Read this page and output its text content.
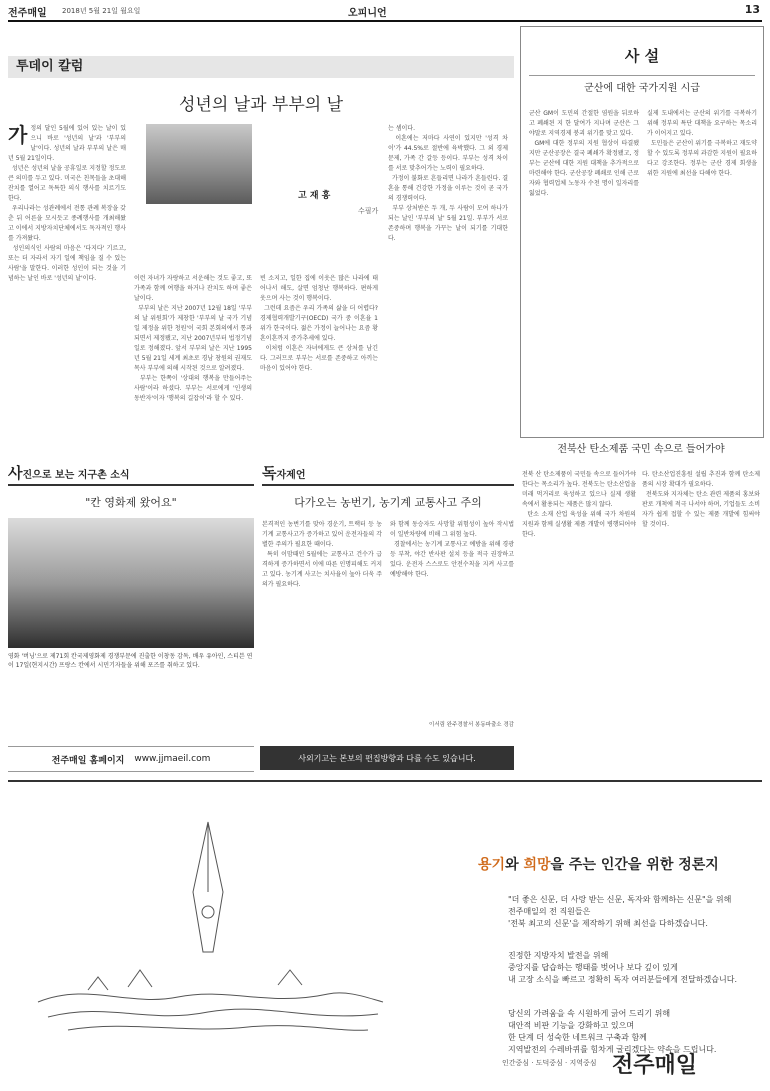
전주매일 2018년 5월 21일 월요일	오피니언	13
투데이 칼럼
성년의 날과 부부의 날
가 정의 달인 5월에 있어 있는 날이 있으니 바로 '성년의 날'과 '부부의 날'이다. 성년의 날과 부부의 날은 매년 5월 21일이다.
성년은 성년의 날을 공휴일로 지정할 정도로 큰 의미를 두고 있다. 미국은 친목들을 초대해 잔치를 열어고 독특한 의식 행사를 치르기도 한다.
우리나라는 성관례에서 전통 관례 복장을 갖춘 뒤 어른을 모시듯고 종례행사를 개최해왔고 이에서 지방자치단체에서도 독자적인 행사를 가져왔다.
성인의식인 사람의 마음은 '다지다' 기르고, 또는 더 자라서 자기 일에 책임을 질 수 있는 사람'을 말한다. 이러한 성인이 되는 것을 기념하는 날인 바로 '성년의 날'이다.	이런 자녀가 자랑하고 서운해는 것도 좋고, 또 가족과 함께 여행을 하거나 잔치도 하며 좋은 날이다.
부부의 날은 지난 2007년 12월 18일 '부부의 날 위원회'가 제창한 '부부의 날 국가 기념일 제정을 위한 청원'이 국회 본회의에서 통과되면서 제정됐고, 지난 2007년부터 법정기념일로 정해졌다. 앞서 부부의 날은 지난 1995년 5월 21일 세계 최초로 경남 창원의 권재도 목사 부부에 의해 시작된 것으로 알려졌다.
부부는 한쪽이 '상대의 행복을 만들어주는 사람'이라 하셨다. 부부는 서로에게 '인생의 동반자'이자 '행복의 길잡이'라 할 수 있다.
고 재 홍
수필가
빈 소지고, 일한 집에 이웃은 많은 나라에 태어나서 해도, 살면 엄청난 행복하다. 편하게 웃으며 사는 것이 행복이다.
그런데 요즘은 우리 가족의 삶을 더 어렵다? 경제협력개발기구(OECD) 국가 중 이혼율 1위가 한국이다. 젊은 가정이 늘어나는 요즘 황혼이혼까지 증가추세에 있다.
이처럼 이혼은 자녀에게도 큰 상처를 남긴다. 그러므로 부부는 서로를 존중하고 아끼는 마음이 있어야 한다.
는 셈이다.
이혼에는 저마다 사연이 있지만 '성격 차이'가 44.5%로 절반에 육박했다. 그 외 경제 문제, 가족 간 갈등 등이다. 부부는 성격 차이를 서로 맞추어가는 노력이 필요하다.
가정이 불화로 흔들리면 나라가 흔들린다. 결혼을 통해 건강한 가정을 이루는 것이 곧 국가의 경쟁력이다.
부부 상처받은 두 개, 두 사람이 모여 하나가 되는 날인 '부부의 날' 5월 21일. 부부가 서로 존중하며 행복을 가꾸는 날이 되기를 기대한다.
사 설
군산에 대한 국가지원 시급
군산 GM이 도민의 간절한 염원을 뒤로하고 폐쇄된 지 한 달여가 지나며 군산은 그야말로 지역경제 붕괴 위기를 맞고 있다.
GM에 대한 정부의 지원 협상이 타결됐지만 군산공장은 결국 폐쇄가 확정됐고, 정부는 군산에 대한 지원 대책을 추가적으로 마련해야 한다. 군산공장 폐쇄로 인해 근로자와 협력업체 노동자 수천 명이 일자리를 잃었다.
실제 도내에서는 군산의 위기를 극복하기 위해 정부의 특단 대책을 요구하는 목소리가 이어지고 있다.
도민들은 군산이 위기를 극복하고 재도약할 수 있도록 정부의 과감한 지원이 필요하다고 강조한다. 정부는 군산 경제 회생을 위한 지원에 최선을 다해야 한다.
전북산 탄소제품 국민 속으로 들어가야
전북 산 탄소제품이 국민들 속으로 들어가야 한다는 목소리가 높다. 전북도는 탄소산업을 미래 먹거리로 육성하고 있으나 실제 생활 속에서 활용되는 제품은 많지 않다.
탄소 소재 산업 육성을 위해 국가 차원의 지원과 함께 실생활 제품 개발이 병행되어야 한다.
다. 탄소산업진흥원 설립 추진과 함께 탄소제품의 시장 확대가 필요하다.
전북도와 지자체는 탄소 관련 제품의 홍보와 판로 개척에 적극 나서야 하며, 기업들도 소비자가 쉽게 접할 수 있는 제품 개발에 힘써야 할 것이다.
사진으로 보는 지구촌 소식
"칸 영화제 왔어요"
영화 '버닝'으로 제71회 칸국제영화제 경쟁부문에 진출한 이창동 감독, 배우 유아인, 스티븐 연이 17일(현지시간) 프랑스 칸에서 시민기자들을 위해 포즈를 취하고 있다.
독자제언
다가오는 농번기, 농기계 교통사고 주의
본격적인 농번기를 맞아 경운기, 트랙터 등 농기계 교통사고가 증가하고 있어 운전자들의 각별한 주의가 필요한 때이다.
특히 이맘때인 5월에는 교통사고 건수가 급격하게 증가하면서 이에 따른 인명피해도 커지고 있다. 농기계 사고는 치사율이 높아 더욱 주의가 필요하다.
와 함께 동승자도 사망할 위험성이 높아 작시법이 일반차량에 비해 그 위험 높다.
경찰에서는 농기계 교통사고 예방을 위해 경광등 부착, 야간 반사판 설치 등을 적극 권장하고 있다. 운전자 스스로도 안전수칙을 지켜 사고를 예방해야 한다.
이서림 완주경찰서 봉동파출소 경감
전주매일 홈페이지 www.jjmaeil.com	사외기고는 본보의 편집방향과 다를 수도 있습니다.
용기와 희망을 주는 인간을 위한 정론지
"더 좋은 신문, 더 사랑 받는 신문, 독자와 함께하는 신문"을 위해
전주매일의 전 직원들은
'전북 최고의 신문'을 제작하기 위해 최선을 다하겠습니다.
진정한 지방자치 발전을 위해
중앙지를 답습하는 행태를 벗어나 보다 깊이 있게
내 고장 소식을 빠르고 정확히 독자 여러분들에게 전달하겠습니다.
당신의 가려움을 속 시원하게 긁어 드리기 위해
대안적 비판 기능을 강화하고 있으며
한 단계 더 성숙한 네트워크 구축과 함께
지역발전의 수레바퀴를 힘차게 굴리겠다는 약속을 드립니다.
인간중심 · 도덕중심 · 지역중심 전주매일
